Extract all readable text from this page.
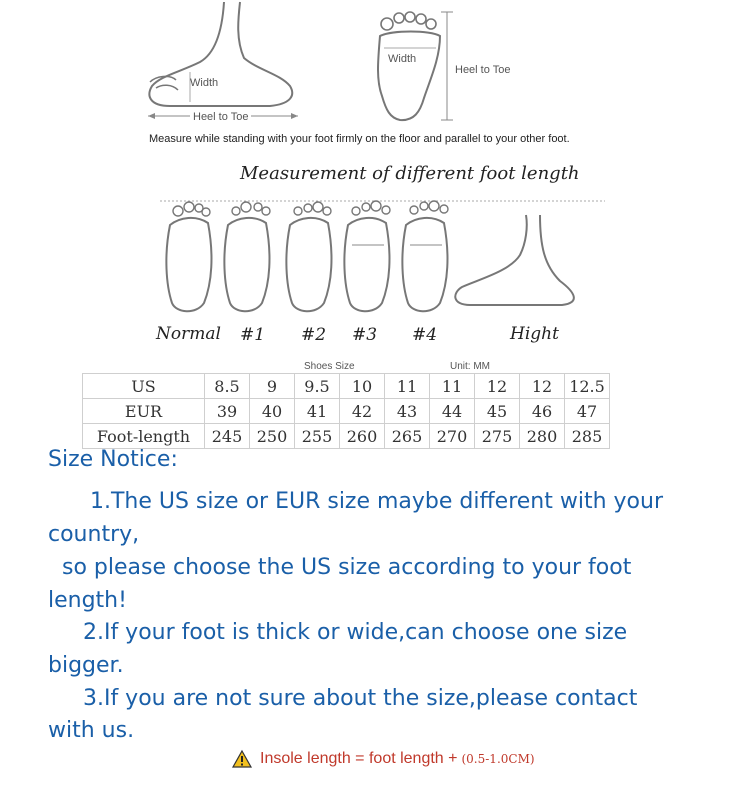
Width
Heel to Toe
Width
Heel to Toe
Measure while standing with your foot firmly on the floor and parallel to your other foot.
Measurement of different foot length
Normal #1 #2 #3 #4	Hight
Shoes Size	Unit: MM
US	8.5	9	9.5	10	11	11	12	12	12.5
EUR	39	40	41	42	43	44	45	46	47
Foot-length	245	250	255	260	265	270	275	280	285
Size Notice:
1.The US size or EUR size maybe different with your
country,
so please choose the US size according to your foot
length!
2.If your foot is thick or wide,can choose one size
bigger.
3.If you are not sure about the size,please contact
with us.
Insole length = foot length + (0.5-1.0CM)
